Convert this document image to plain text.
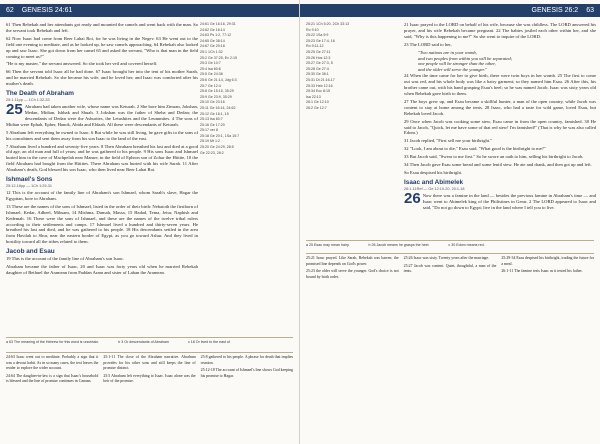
62 GENESIS 24:61

61 Then Rebekah and her attendants got ready and mounted the camels and went back with the man. So the servant took Rebekah and left.

62 Now Isaac had come from Beer Lahai Roi, for he was living in the Negev. 63 He went out to the field one evening to meditate, and as he looked up, he saw camels approaching. 64 Rebekah also looked up and saw Isaac. She got down from her camel 65 and asked the servant, "Who is that man in the field coming to meet us?"

"He is my master," the servant answered. So she took her veil and covered herself.

66 Then the servant told Isaac all he had done. 67 Isaac brought her into the tent of his mother Sarah, and he married Rebekah. So she became his wife, and he loved her; and Isaac was comforted after his mother's death.

The Death of Abraham
25:1-11pp — 1Ch 1:32-33

25 Abraham had taken another wife, whose name was Keturah. 2 She bore him Zimran, Jokshan, Medan, Midian, Ishbak and Shuah. 3 Jokshan was the father of Sheba and Dedan; the descendants of Dedan were the Ashurites, the Letushites and the Leummites. 4 The sons of Midian were Ephah, Epher, Hanok, Abida and Eldaah. All these were descendants of Keturah.

5 Abraham left everything he owned to Isaac. 6 But while he was still living, he gave gifts to the sons of his concubines and sent them away from his son Isaac to the land of the east.

7 Abraham lived a hundred and seventy-five years. 8 Then Abraham breathed his last and died at a good old age, an old man and full of years; and he was gathered to his people. 9 His sons Isaac and Ishmael buried him in the cave of Machpelah near Mamre, in the field of Ephron son of Zohar the Hittite, 10 the field Abraham had bought from the Hittites. There Abraham was buried with his wife Sarah. 11 After Abraham's death, God blessed his son Isaac, who then lived near Beer Lahai Roi.

Ishmael's Sons
25:12-16pp — 1Ch 1:29-31

12 This is the account of the family line of Abraham's son Ishmael, whom Sarah's slave, Hagar the Egyptian, bore to Abraham.

13 These are the names of the sons of Ishmael, listed in the order of their birth: Nebaioth the firstborn of Ishmael, Kedar, Adbeel, Mibsam, 14 Mishma, Dumah, Massa, 15 Hadad, Tema, Jetur, Naphish and Kedemah. 16 These were the sons of Ishmael, and these are the names of the twelve tribal rulers according to their settlements and camps. 17 Ishmael lived a hundred and thirty-seven years. He breathed his last and died, and he was gathered to his people. 18 His descendants settled in the area from Havilah to Shur, near the eastern border of Egypt, as you go toward Ashur. And they lived in hostility toward all the tribes related to them.

Jacob and Esau

19 This is the account of the family line of Abraham's son Isaac.

Abraham became the father of Isaac, 20 and Isaac was forty years old when he married Rebekah daughter of Bethuel the Aramean from Paddan Aram and sister of Laban the Aramean.

24:61 Ge 16:16, 29:31
24:62 Ge 16:14
24:63 Ps 1:2, 77:12
24:65 Ge 38:14
24:67 Ge 29:18
25:1 1Ch 1:32
25:2 Ge 37:25, Ex 2:15
25:3 Ge 10:7
25:4 Isa 60:6
25:5 Ge 24:36
25:6 Ge 21:14, Jdg 6:3
25:7 Ge 12:4
25:8 Ge 15:15, 35:29
25:9 Ge 23:9, 35:29
25:10 Ge 23:16
25:11 Ge 16:14, 24:62
25:12 Ge 16:1, 15
25:13 Isa 60:7
25:16 Ge 17:20
25:17 ver 8
25:18 Ge 20:1, 1Sa 15:7
25:19 Mt 1:2
25:20 Ge 24:29, 28:5
Ge 22:23, 28:2
a 63 The meaning of the Hebrew for this word is uncertain.	b 3 Or descendants of Abraham	c 18 Or lived to the east of

24:63 Isaac went out to meditate. Probably a sign that it was a devout habit. As in so many cases, the text leaves the reader to explore the wider account.

24:64 The daughter-in-law is a sign that Isaac's household is blessed and the line of promise continues in Canaan.

25:1-11 The close of the Abraham narrative. Abraham provides for his other sons and still keeps the line of promise distinct.

25:5 Abraham left everything to Isaac. Isaac alone was the heir of the promise.

25:8 gathered to his people. A phrase for death that implies reunion.

25:12-18 The account of Ishmael's line shows God keeping his promise to Hagar.

63
GENESIS 26:2
25:21 1Ch 5:20, 2Ch 33:13
Ro 9:10
25:22 1Sa 9:9
25:23 Ge 17:4, 16
Ro 9:11-12
25:25 Ge 27:11
25:26 Hos 12:3
25:27 Ge 27:3, 5
25:28 Ge 27:4
25:30 Ge 36:1
25:31 Dt 21:16-17
25:33 Heb 12:16
25:34 Ecc 8:15
Isa 22:13
26:1 Ge 12:10
26:2 Ge 12:7

21 Isaac prayed to the LORD on behalf of his wife, because she was childless. The LORD answered his prayer, and his wife Rebekah became pregnant. 22 The babies jostled each other within her, and she said, "Why is this happening to me?" So she went to inquire of the LORD.

23 The LORD said to her,

"Two nations are in your womb,

and two peoples from within you will be separated;

one people will be stronger than the other,

and the older will serve the younger."

24 When the time came for her to give birth, there were twin boys in her womb. 25 The first to come out was red, and his whole body was like a hairy garment; so they named him Esau. 26 After this, his brother came out, with his hand grasping Esau's heel; so he was named Jacob. Isaac was sixty years old when Rebekah gave birth to them.

27 The boys grew up, and Esau became a skillful hunter, a man of the open country, while Jacob was content to stay at home among the tents. 28 Isaac, who had a taste for wild game, loved Esau, but Rebekah loved Jacob.

29 Once when Jacob was cooking some stew, Esau came in from the open country, famished. 30 He said to Jacob, "Quick, let me have some of that red stew! I'm famished!" (That is why he was also called Edom.)

31 Jacob replied, "First sell me your birthright."

32 "Look, I am about to die," Esau said. "What good is the birthright to me?"

33 But Jacob said, "Swear to me first." So he swore an oath to him, selling his birthright to Jacob.

34 Then Jacob gave Esau some bread and some lentil stew. He ate and drank, and then got up and left.

So Esau despised his birthright.

Isaac and Abimelek
26:1-11Ref — Ge 12:10-20, 20:1-18

26 Now there was a famine in the land — besides the previous famine in Abraham's time — and Isaac went to Abimelek king of the Philistines in Gerar. 2 The LORD appeared to Isaac and said, "Do not go down to Egypt; live in the land where I tell you to live.

a 25 Esau may mean hairy.	b 26 Jacob means he grasps the heel.	c 30 Edom means red.

25:21 Isaac prayed. Like Sarah, Rebekah was barren; the promised line depends on God's power.

25:23 the older will serve the younger. God's choice is not bound by birth order.

25:26 Isaac was sixty. Twenty years after the marriage.

25:27 Jacob was content. Quiet, thoughtful, a man of the tents.

25:29-34 Esau despised his birthright, trading the future for a meal.

26:1-11 The famine tests Isaac as it tested his father.
